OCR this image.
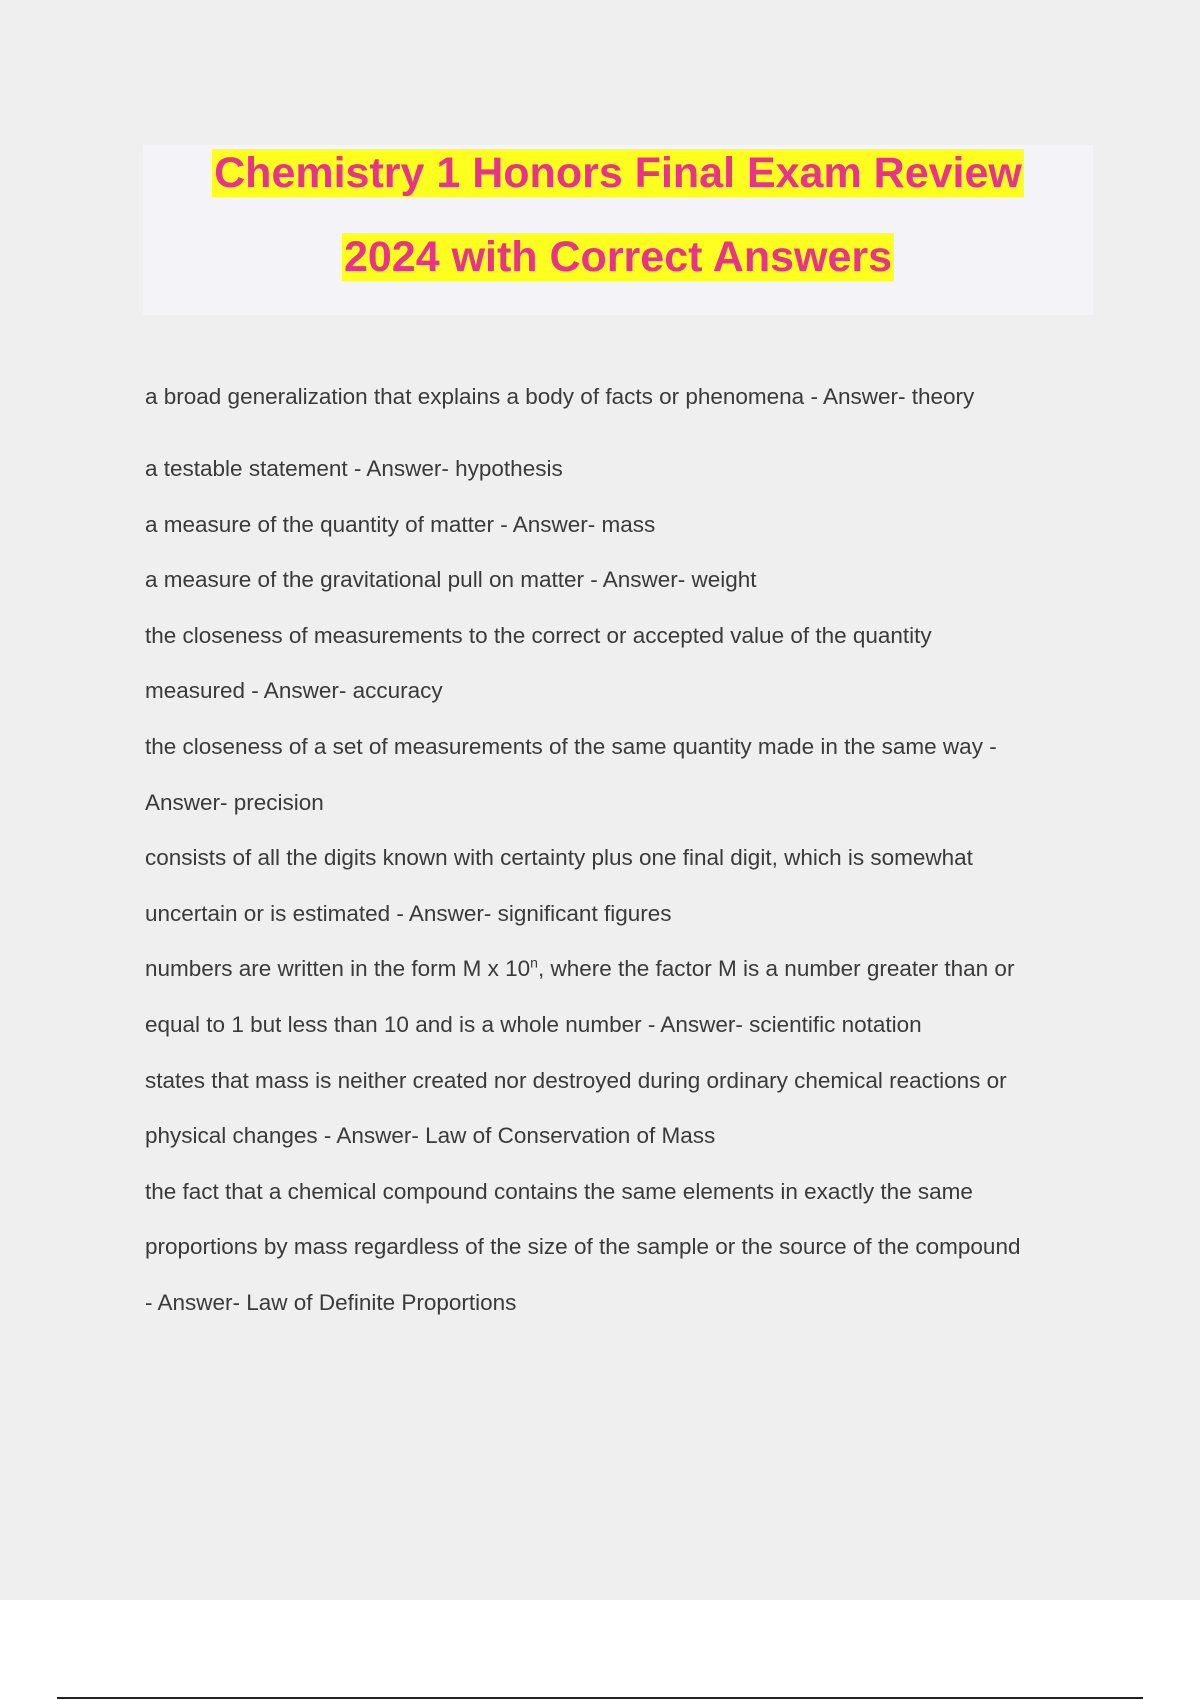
Chemistry 1 Honors Final Exam Review
2024 with Correct Answers
a broad generalization that explains a body of facts or phenomena - Answer- theory
a testable statement - Answer- hypothesis
a measure of the quantity of matter - Answer- mass
a measure of the gravitational pull on matter - Answer- weight
the closeness of measurements to the correct or accepted value of the quantity
measured - Answer- accuracy
the closeness of a set of measurements of the same quantity made in the same way -
Answer- precision
consists of all the digits known with certainty plus one final digit, which is somewhat
uncertain or is estimated - Answer- significant figures
numbers are written in the form M x 10$^n$, where the factor M is a number greater than or
equal to 1 but less than 10 and is a whole number - Answer- scientific notation
states that mass is neither created nor destroyed during ordinary chemical reactions or
physical changes - Answer- Law of Conservation of Mass
the fact that a chemical compound contains the same elements in exactly the same
proportions by mass regardless of the size of the sample or the source of the compound
- Answer- Law of Definite Proportions
